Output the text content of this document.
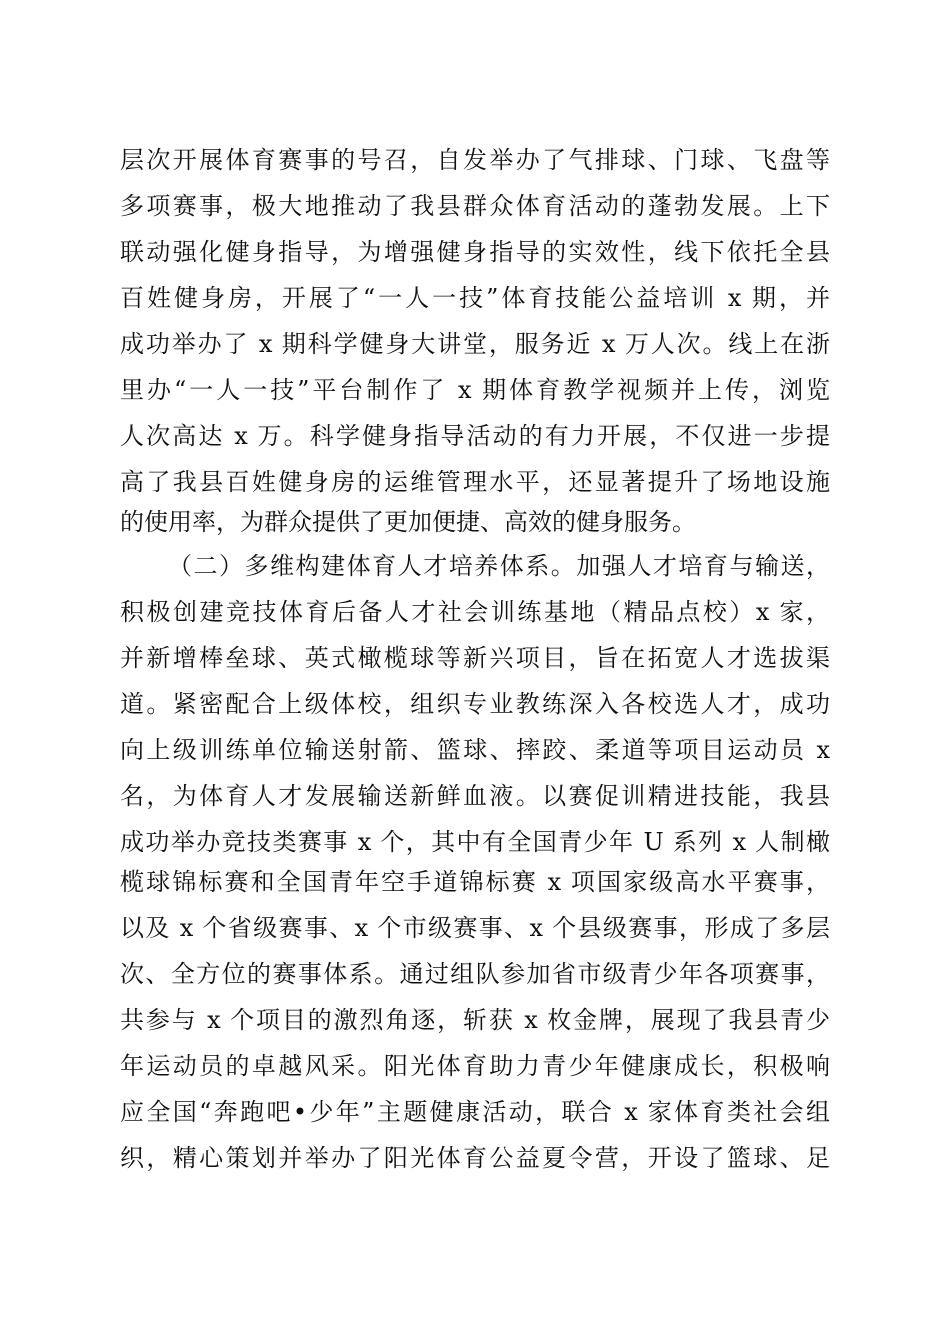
层次开展体育赛事的号召，自发举办了气排球、门球、飞盘等
多项赛事，极大地推动了我县群众体育活动的蓬勃发展。上下
联动强化健身指导，为增强健身指导的实效性，线下依托全县
百姓健身房，开展了“一人一技”体育技能公益培训 x 期，并
成功举办了 x 期科学健身大讲堂，服务近 x 万人次。线上在浙
里办“一人一技”平台制作了 x 期体育教学视频并上传，浏览
人次高达 x 万。科学健身指导活动的有力开展，不仅进一步提
高了我县百姓健身房的运维管理水平，还显著提升了场地设施
的使用率，为群众提供了更加便捷、高效的健身服务。
（二）多维构建体育人才培养体系。加强人才培育与输送，
积极创建竞技体育后备人才社会训练基地（精品点校）x 家，
并新增棒垒球、英式橄榄球等新兴项目，旨在拓宽人才选拔渠
道。紧密配合上级体校，组织专业教练深入各校选人才，成功
向上级训练单位输送射箭、篮球、摔跤、柔道等项目运动员 x
名，为体育人才发展输送新鲜血液。以赛促训精进技能，我县
成功举办竞技类赛事 x 个，其中有全国青少年 U 系列 x 人制橄
榄球锦标赛和全国青年空手道锦标赛 x 项国家级高水平赛事，
以及 x 个省级赛事、x 个市级赛事、x 个县级赛事，形成了多层
次、全方位的赛事体系。通过组队参加省市级青少年各项赛事，
共参与 x 个项目的激烈角逐，斩获 x 枚金牌，展现了我县青少
年运动员的卓越风采。阳光体育助力青少年健康成长，积极响
应全国“奔跑吧•少年”主题健康活动，联合 x 家体育类社会组
织，精心策划并举办了阳光体育公益夏令营，开设了篮球、足
